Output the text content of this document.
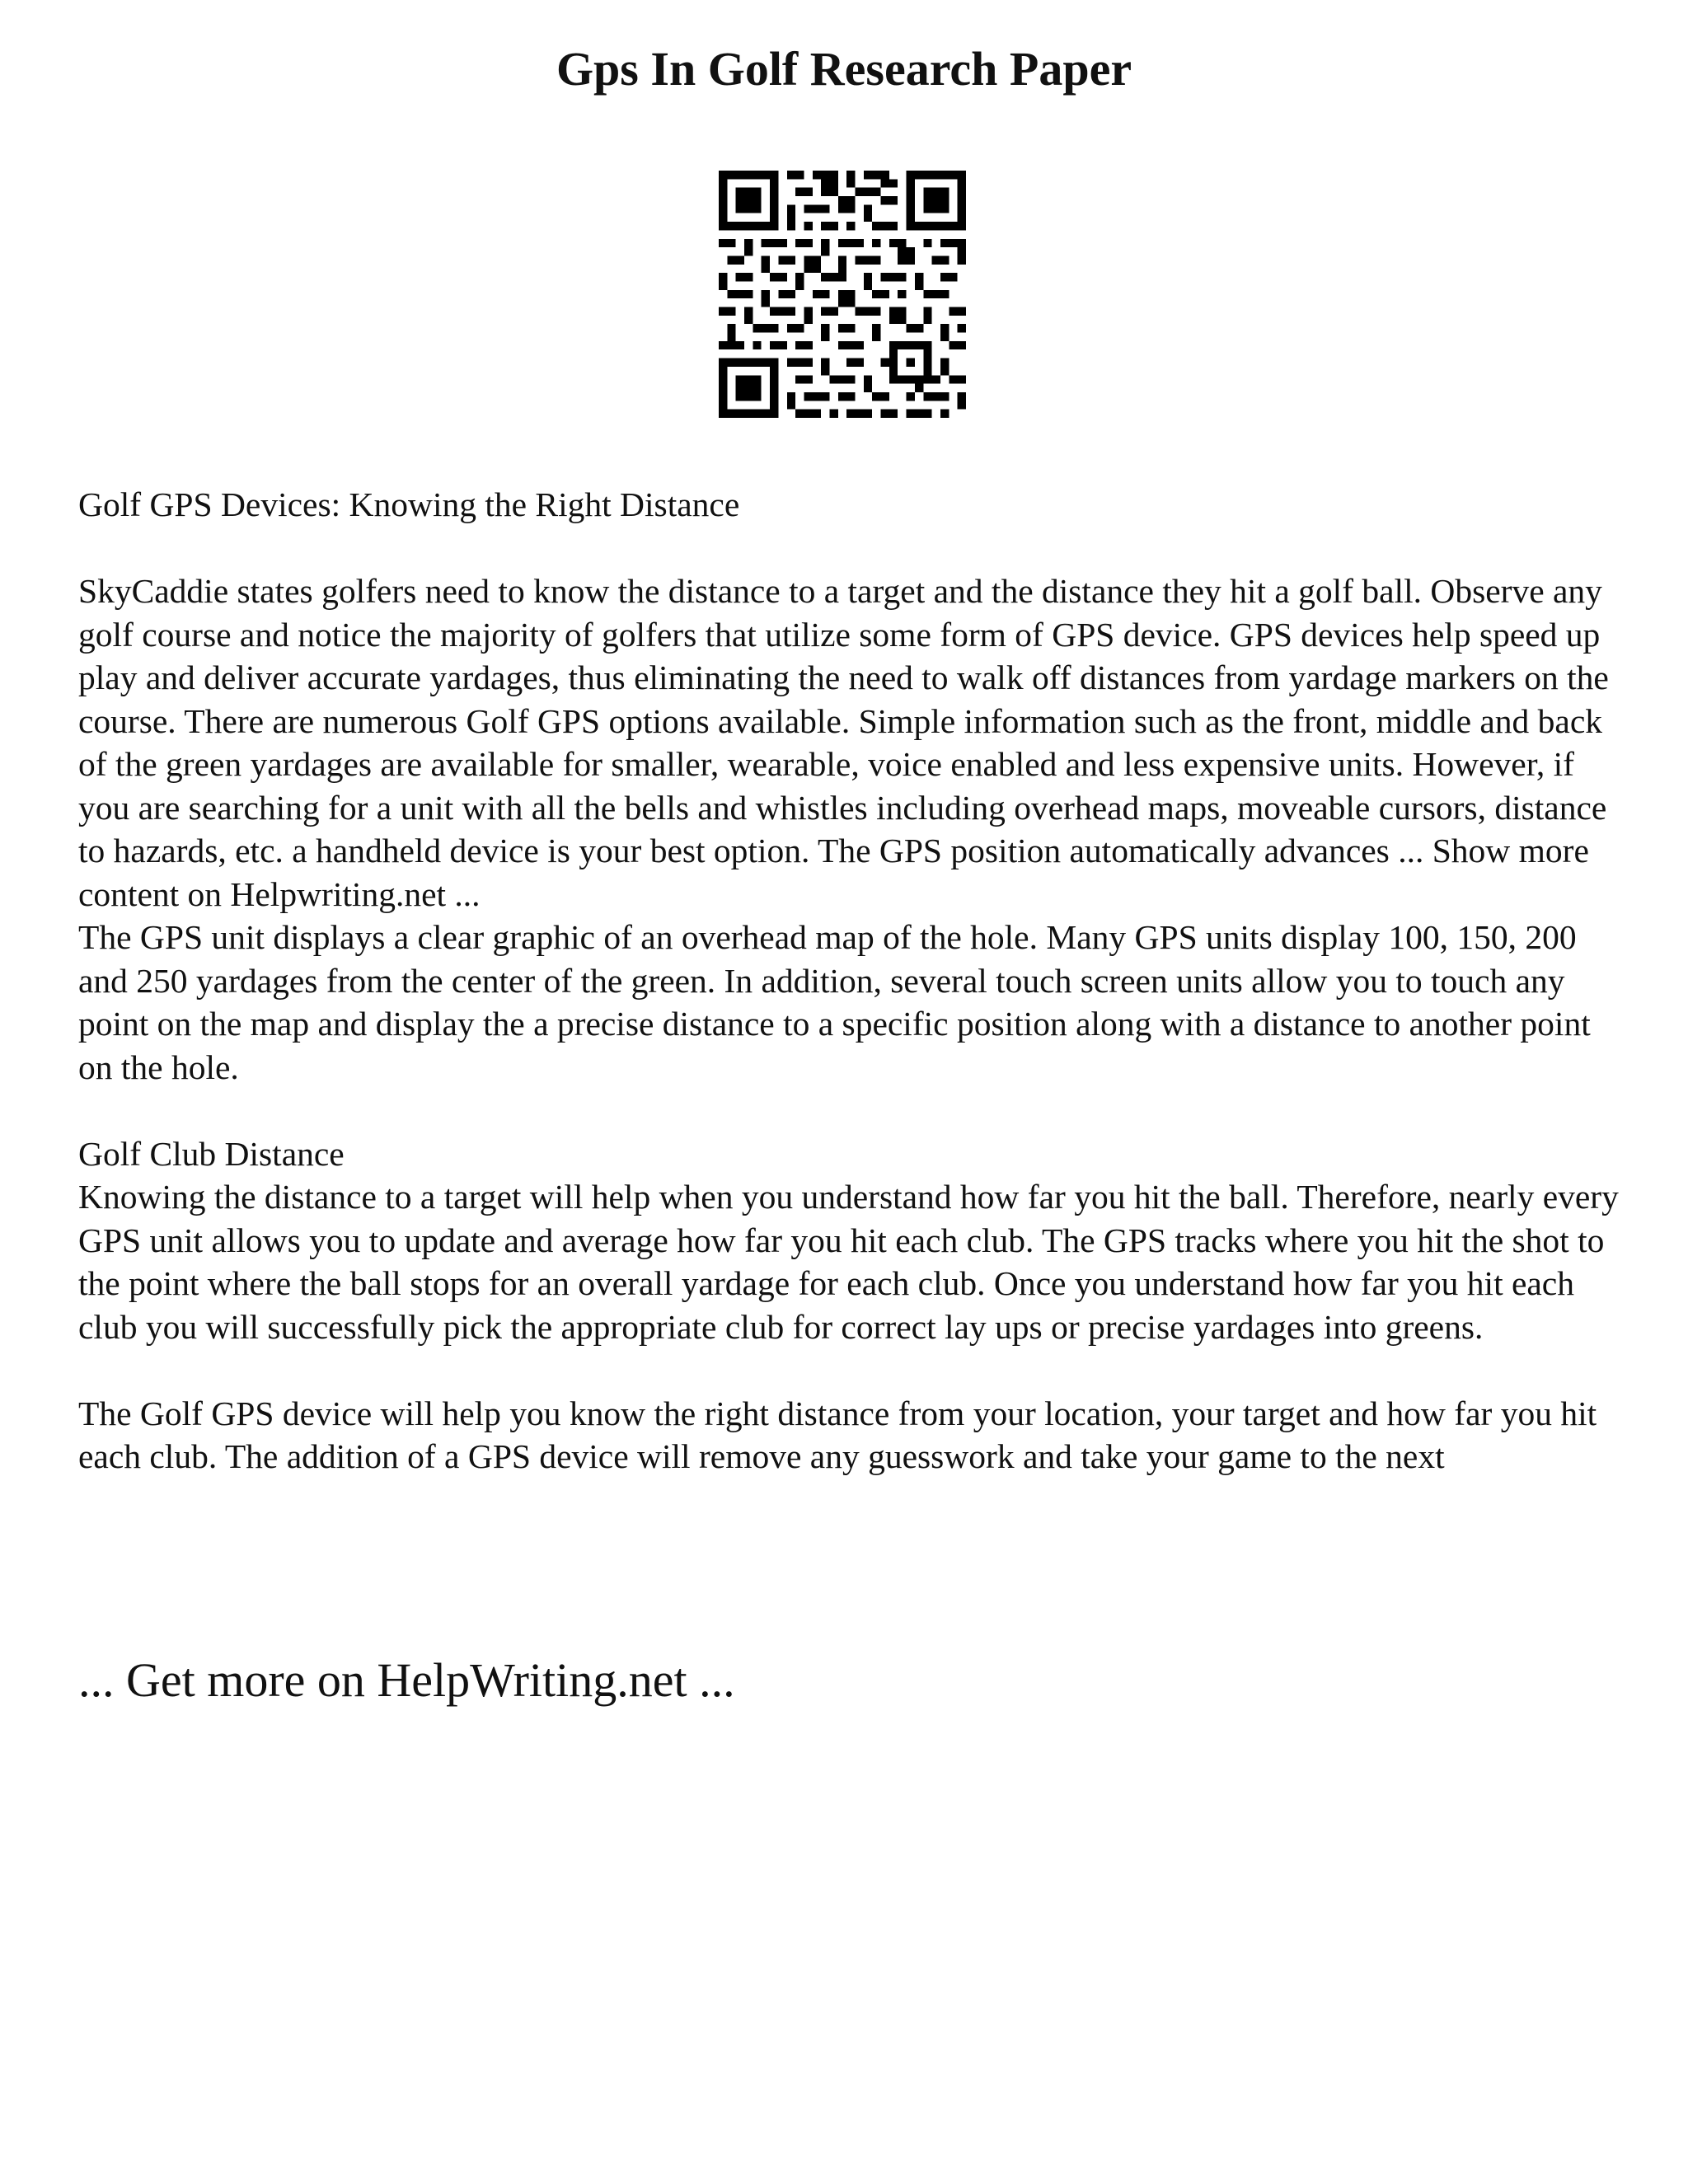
Gps In Golf Research Paper

Golf GPS Devices: Knowing the Right Distance

SkyCaddie states golfers need to know the distance to a target and the distance they hit a golf ball. Observe any golf course and notice the majority of golfers that utilize some form of GPS device. GPS devices help speed up play and deliver accurate yardages, thus eliminating the need to walk off distances from yardage markers on the course. There are numerous Golf GPS options available. Simple information such as the front, middle and back of the green yardages are available for smaller, wearable, voice enabled and less expensive units. However, if you are searching for a unit with all the bells and whistles including overhead maps, moveable cursors, distance to hazards, etc. a handheld device is your best option. The GPS position automatically advances ... Show more content on Helpwriting.net ...

The GPS unit displays a clear graphic of an overhead map of the hole. Many GPS units display 100, 150, 200 and 250 yardages from the center of the green. In addition, several touch screen units allow you to touch any point on the map and display the a precise distance to a specific position along with a distance to another point on the hole.

Golf Club Distance

Knowing the distance to a target will help when you understand how far you hit the ball. Therefore, nearly every GPS unit allows you to update and average how far you hit each club. The GPS tracks where you hit the shot to the point where the ball stops for an overall yardage for each club. Once you understand how far you hit each club you will successfully pick the appropriate club for correct lay ups or precise yardages into greens.

The Golf GPS device will help you know the right distance from your location, your target and how far you hit each club. The addition of a GPS device will remove any guesswork and take your game to the next

... Get more on HelpWriting.net ...
